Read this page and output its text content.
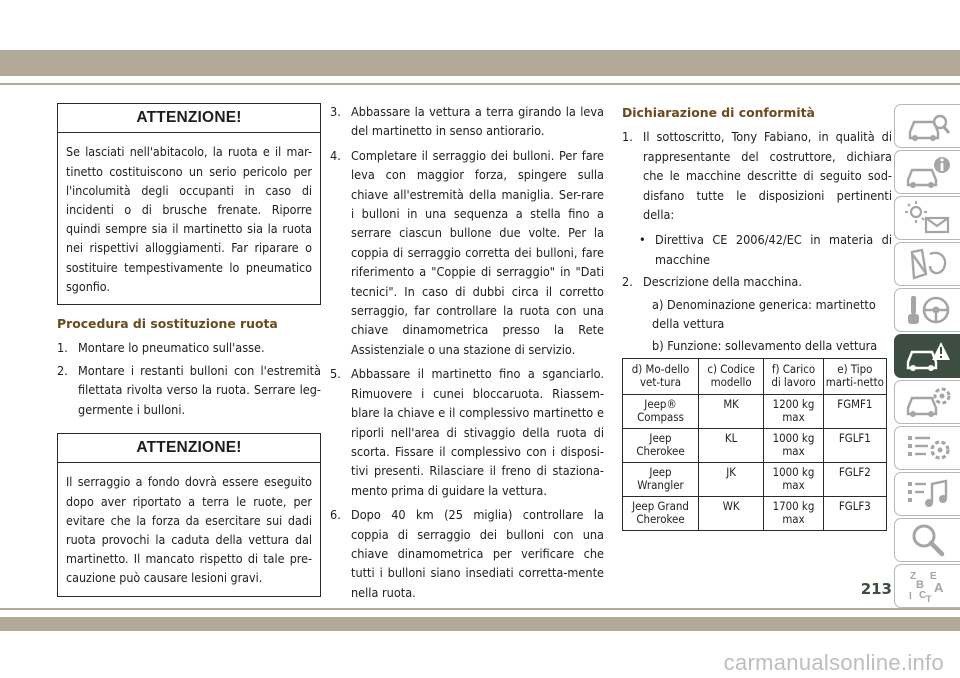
ATTENZIONE!
Se lasciati nell'abitacolo, la ruota e il mar-tinetto costituiscono un serio pericolo per l'incolumità degli occupanti in caso di incidenti o di brusche frenate. Riporre quindi sempre sia il martinetto sia la ruota nei rispettivi alloggiamenti. Far riparare o sostituire tempestivamente lo pneumatico sgonfio.
Procedura di sostituzione ruota
1. Montare lo pneumatico sull'asse.
2. Montare i restanti bulloni con l'estremità filettata rivolta verso la ruota. Serrare leg-germente i bulloni.
ATTENZIONE!
Il serraggio a fondo dovrà essere eseguito dopo aver riportato a terra le ruote, per evitare che la forza da esercitare sui dadi ruota provochi la caduta della vettura dal martinetto. Il mancato rispetto di tale pre-cauzione può causare lesioni gravi.
3. Abbassare la vettura a terra girando la leva del martinetto in senso antiorario.
4. Completare il serraggio dei bulloni. Per fare leva con maggior forza, spingere sulla chiave all'estremità della maniglia. Ser-rare i bulloni in una sequenza a stella fino a serrare ciascun bullone due volte. Per la coppia di serraggio corretta dei bulloni, fare riferimento a "Coppie di serraggio" in "Dati tecnici". In caso di dubbi circa il corretto serraggio, far controllare la ruota con una chiave dinamometrica presso la Rete Assistenziale o una stazione di servizio.
5. Abbassare il martinetto fino a sganciarlo. Rimuovere i cunei bloccaruota. Riassem-blare la chiave e il complessivo martinetto e riporli nell'area di stivaggio della ruota di scorta. Fissare il complessivo con i disposi-tivi presenti. Rilasciare il freno di staziona-mento prima di guidare la vettura.
6. Dopo 40 km (25 miglia) controllare la coppia di serraggio dei bulloni con una chiave dinamometrica per verificare che tutti i bulloni siano insediati corretta-mente nella ruota.
Dichiarazione di conformità
1. Il sottoscritto, Tony Fabiano, in qualità di rappresentante del costruttore, dichiara che le macchine descritte di seguito sod-disfano tutte le disposizioni pertinenti della:
• Direttiva CE 2006/42/EC in materia di macchine
2. Descrizione della macchina.
a) Denominazione generica: martinetto della vettura
b) Funzione: sollevamento della vettura
d) Mo-dello vet-tura	c) Codice modello	f) Carico di lavoro	e) Tipo marti-netto
Jeep® Compass	MK	1200 kg max	FGMF1
Jeep Cherokee	KL	1000 kg max	FGLF1
Jeep Wrangler	JK	1000 kg max	FGLF2
Jeep Grand Cherokee	WK	1700 kg max	FGLF3
Z E
B A
I C T
213
carmanualsonline.info
